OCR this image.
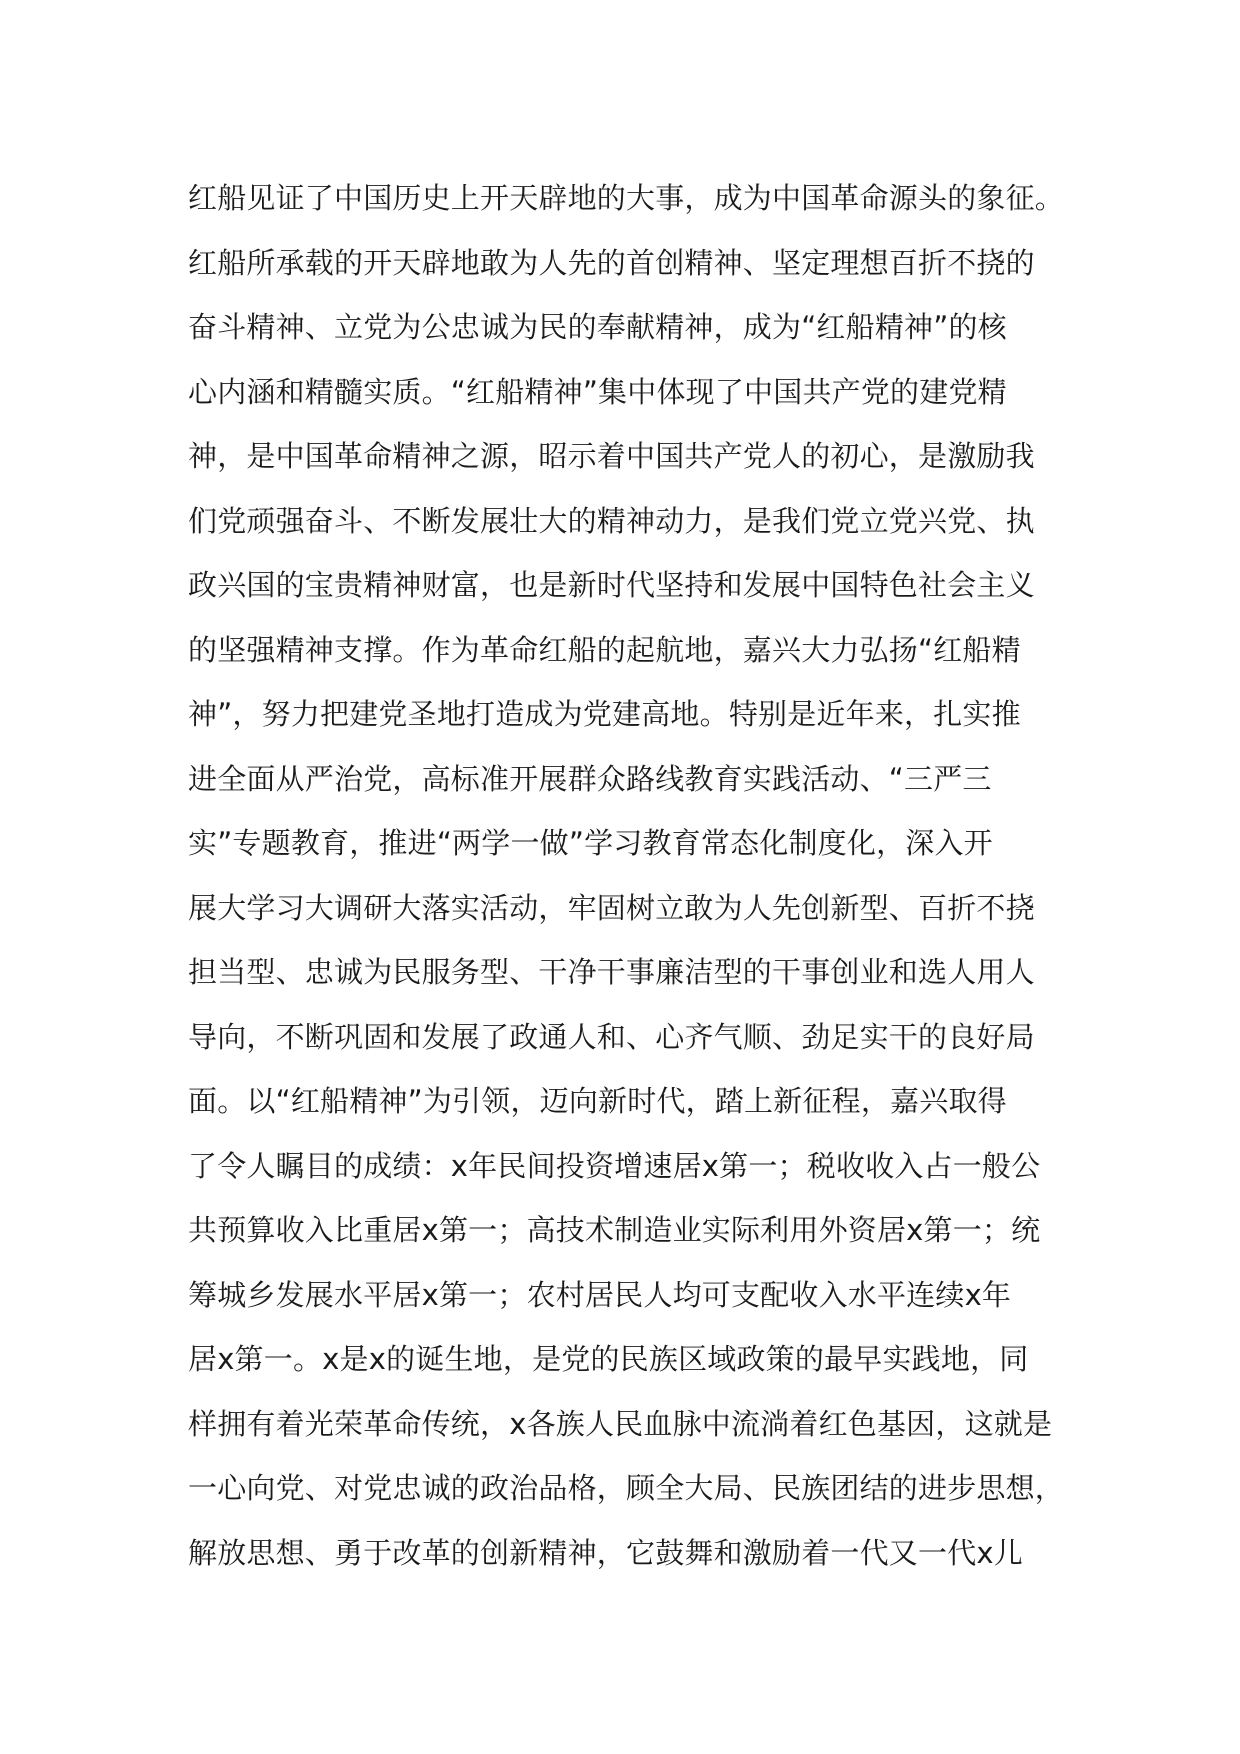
红船见证了中国历史上开天辟地的大事，成为中国革命源头的象征。
红船所承载的开天辟地敢为人先的首创精神、坚定理想百折不挠的
奋斗精神、立党为公忠诚为民的奉献精神，成为“红船精神”的核
心内涵和精髓实质。“红船精神”集中体现了中国共产党的建党精
神，是中国革命精神之源，昭示着中国共产党人的初心，是激励我
们党顽强奋斗、不断发展壮大的精神动力，是我们党立党兴党、执
政兴国的宝贵精神财富，也是新时代坚持和发展中国特色社会主义
的坚强精神支撑。作为革命红船的起航地，嘉兴大力弘扬“红船精
神”，努力把建党圣地打造成为党建高地。特别是近年来，扎实推
进全面从严治党，高标准开展群众路线教育实践活动、“三严三
实”专题教育，推进“两学一做”学习教育常态化制度化，深入开
展大学习大调研大落实活动，牢固树立敢为人先创新型、百折不挠
担当型、忠诚为民服务型、干净干事廉洁型的干事创业和选人用人
导向，不断巩固和发展了政通人和、心齐气顺、劲足实干的良好局
面。以“红船精神”为引领，迈向新时代，踏上新征程，嘉兴取得
了令人瞩目的成绩：x年民间投资增速居x第一；税收收入占一般公
共预算收入比重居x第一；高技术制造业实际利用外资居x第一；统
筹城乡发展水平居x第一；农村居民人均可支配收入水平连续x年
居x第一。x是x的诞生地，是党的民族区域政策的最早实践地，同
样拥有着光荣革命传统，x各族人民血脉中流淌着红色基因，这就是
一心向党、对党忠诚的政治品格，顾全大局、民族团结的进步思想，
解放思想、勇于改革的创新精神，它鼓舞和激励着一代又一代x儿
